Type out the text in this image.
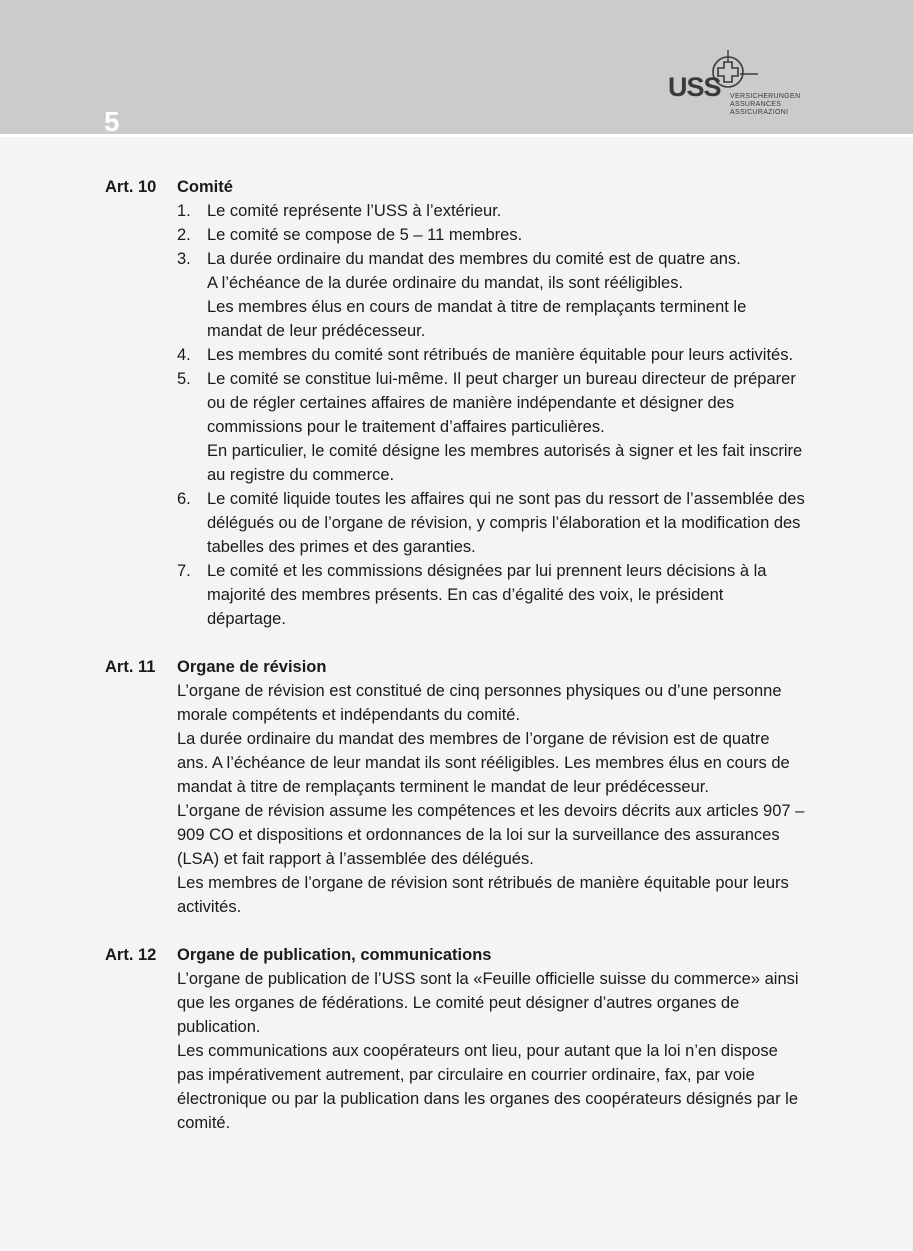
5
USS VERSICHERUNGEN
ASSURANCES
ASSICURAZIONI
Art. 10	Comité
1. Le comité représente l’USS à l’extérieur.
2. Le comité se compose de 5 – 11 membres.
3. La durée ordinaire du mandat des membres du comité est de quatre ans.
A l’échéance de la durée ordinaire du mandat, ils sont rééligibles.
Les membres élus en cours de mandat à titre de remplaçants terminent le mandat de leur prédécesseur.
4. Les membres du comité sont rétribués de manière équitable pour leurs activités.
5. Le comité se constitue lui-même. Il peut charger un bureau directeur de préparer ou de régler certaines affaires de manière indépendante et désigner des commissions pour le traitement d’affaires particulières.
En particulier, le comité désigne les membres autorisés à signer et les fait inscrire au registre du commerce.
6. Le comité liquide toutes les affaires qui ne sont pas du ressort de l’assemblée des délégués ou de l’organe de révision, y compris l’élaboration et la modification des tabelles des primes et des garanties.
7. Le comité et les commissions désignées par lui prennent leurs décisions à la majorité des membres présents. En cas d’égalité des voix, le président départage.
Art. 11	Organe de révision
L’organe de révision est constitué de cinq personnes physiques ou d’une personne morale compétents et indépendants du comité.
La durée ordinaire du mandat des membres de l’organe de révision est de quatre ans. A l’échéance de leur mandat ils sont rééligibles. Les membres élus en cours de mandat à titre de remplaçants terminent le mandat de leur prédécesseur.
L’organe de révision assume les compétences et les devoirs décrits aux articles 907 – 909 CO et dispositions et ordonnances de la loi sur la surveillance des assurances (LSA) et fait rapport à l’assemblée des délégués.
Les membres de l’organe de révision sont rétribués de manière équitable pour leurs activités.
Art. 12	Organe de publication, communications
L’organe de publication de l’USS sont la «Feuille officielle suisse du commerce» ainsi que les organes de fédérations. Le comité peut désigner d’autres organes de publication.
Les communications aux coopérateurs ont lieu, pour autant que la loi n’en dispose pas impérativement autrement, par circulaire en courrier ordinaire, fax, par voie électronique ou par la publication dans les organes des coopérateurs désignés par le comité.
